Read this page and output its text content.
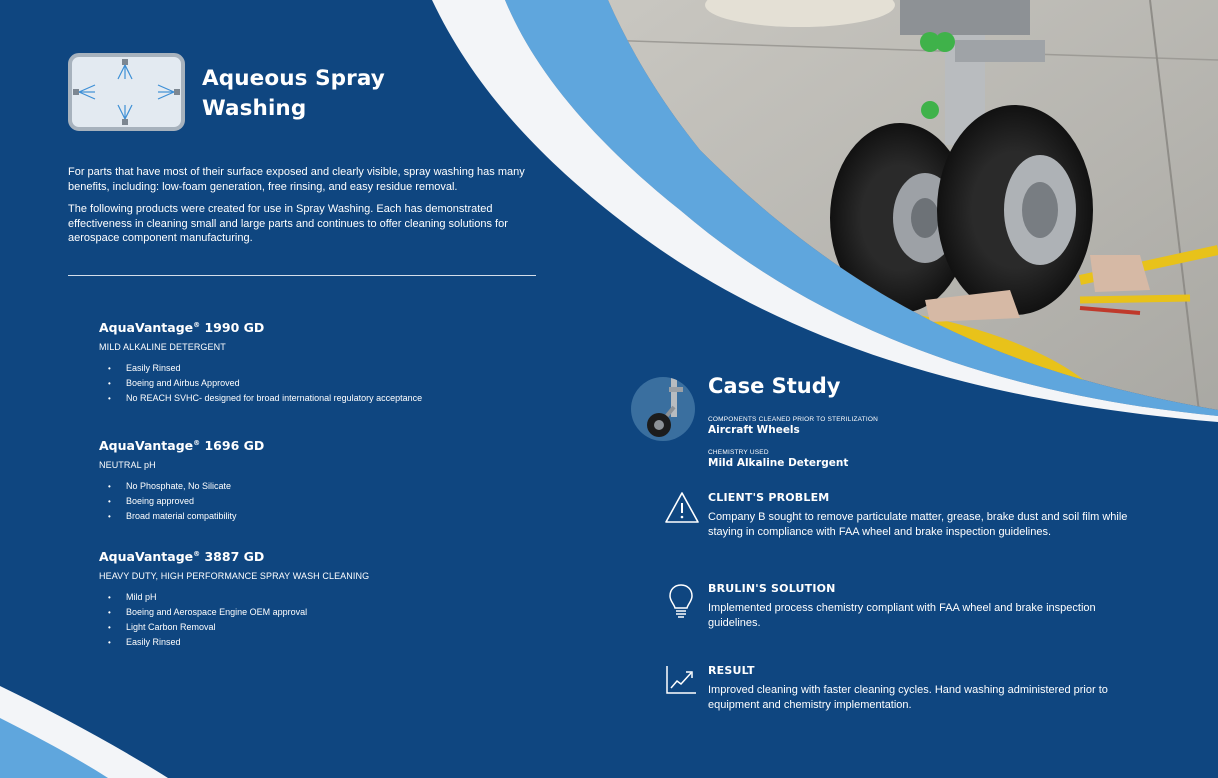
Aqueous Spray
Washing
For parts that have most of their surface exposed and clearly visible, spray washing has many benefits, including: low-foam generation, free rinsing, and easy residue removal.
The following products were created for use in Spray Washing. Each has demonstrated effectiveness in cleaning small and large parts and continues to offer cleaning solutions for aerospace component manufacturing.
AquaVantage® 1990 GD
MILD ALKALINE DETERGENT
• Easily Rinsed
• Boeing and Airbus Approved
• No REACH SVHC- designed for broad international regulatory acceptance
AquaVantage® 1696 GD
NEUTRAL pH
• No Phosphate, No Silicate
• Boeing approved
• Broad material compatibility
AquaVantage® 3887 GD
HEAVY DUTY, HIGH PERFORMANCE SPRAY WASH CLEANING
• Mild pH
• Boeing and Aerospace Engine OEM approval
• Light Carbon Removal
• Easily Rinsed
Case Study
COMPONENTS CLEANED PRIOR TO STERILIZATION
Aircraft Wheels
CHEMISTRY USED
Mild Alkaline Detergent
CLIENT'S PROBLEM
Company B sought to remove particulate matter, grease, brake dust and soil film while staying in compliance with FAA wheel and brake inspection guidelines.
BRULIN'S SOLUTION
Implemented process chemistry compliant with FAA wheel and brake inspection guidelines.
RESULT
Improved cleaning with faster cleaning cycles. Hand washing administered prior to equipment and chemistry implementation.
